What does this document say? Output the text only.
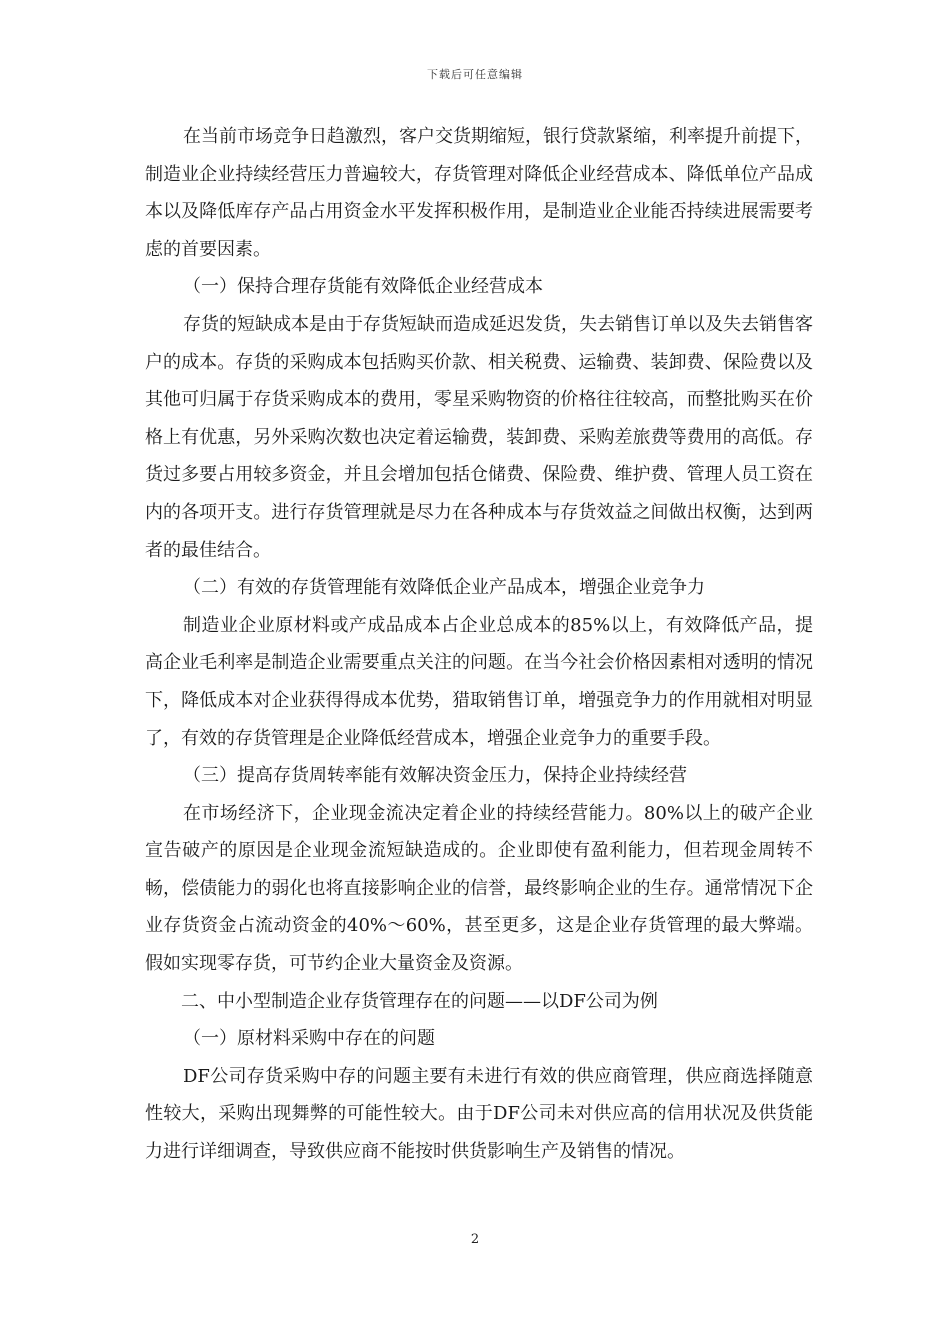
下载后可任意编辑

在当前市场竞争日趋激烈，客户交货期缩短，银行贷款紧缩，利率提升前提下，制造业企业持续经营压力普遍较大，存货管理对降低企业经营成本、降低单位产品成本以及降低库存产品占用资金水平发挥积极作用，是制造业企业能否持续进展需要考虑的首要因素。

（一）保持合理存货能有效降低企业经营成本

存货的短缺成本是由于存货短缺而造成延迟发货，失去销售订单以及失去销售客户的成本。存货的采购成本包括购买价款、相关税费、运输费、装卸费、保险费以及其他可归属于存货采购成本的费用，零星采购物资的价格往往较高，而整批购买在价格上有优惠，另外采购次数也决定着运输费，装卸费、采购差旅费等费用的高低。存货过多要占用较多资金，并且会增加包括仓储费、保险费、维护费、管理人员工资在内的各项开支。进行存货管理就是尽力在各种成本与存货效益之间做出权衡，达到两者的最佳结合。

（二）有效的存货管理能有效降低企业产品成本，增强企业竞争力

制造业企业原材料或产成品成本占企业总成本的85%以上，有效降低产品，提高企业毛利率是制造企业需要重点关注的问题。在当今社会价格因素相对透明的情况下，降低成本对企业获得得成本优势，猎取销售订单，增强竞争力的作用就相对明显了，有效的存货管理是企业降低经营成本，增强企业竞争力的重要手段。

（三）提高存货周转率能有效解决资金压力，保持企业持续经营

在市场经济下，企业现金流决定着企业的持续经营能力。80%以上的破产企业宣告破产的原因是企业现金流短缺造成的。企业即使有盈利能力，但若现金周转不畅，偿债能力的弱化也将直接影响企业的信誉，最终影响企业的生存。通常情况下企业存货资金占流动资金的40%～60%，甚至更多，这是企业存货管理的最大弊端。假如实现零存货，可节约企业大量资金及资源。

二、中小型制造企业存货管理存在的问题——以DF公司为例

（一）原材料采购中存在的问题

DF公司存货采购中存的问题主要有未进行有效的供应商管理，供应商选择随意性较大，采购出现舞弊的可能性较大。由于DF公司未对供应高的信用状况及供货能力进行详细调查，导致供应商不能按时供货影响生产及销售的情况。

2
